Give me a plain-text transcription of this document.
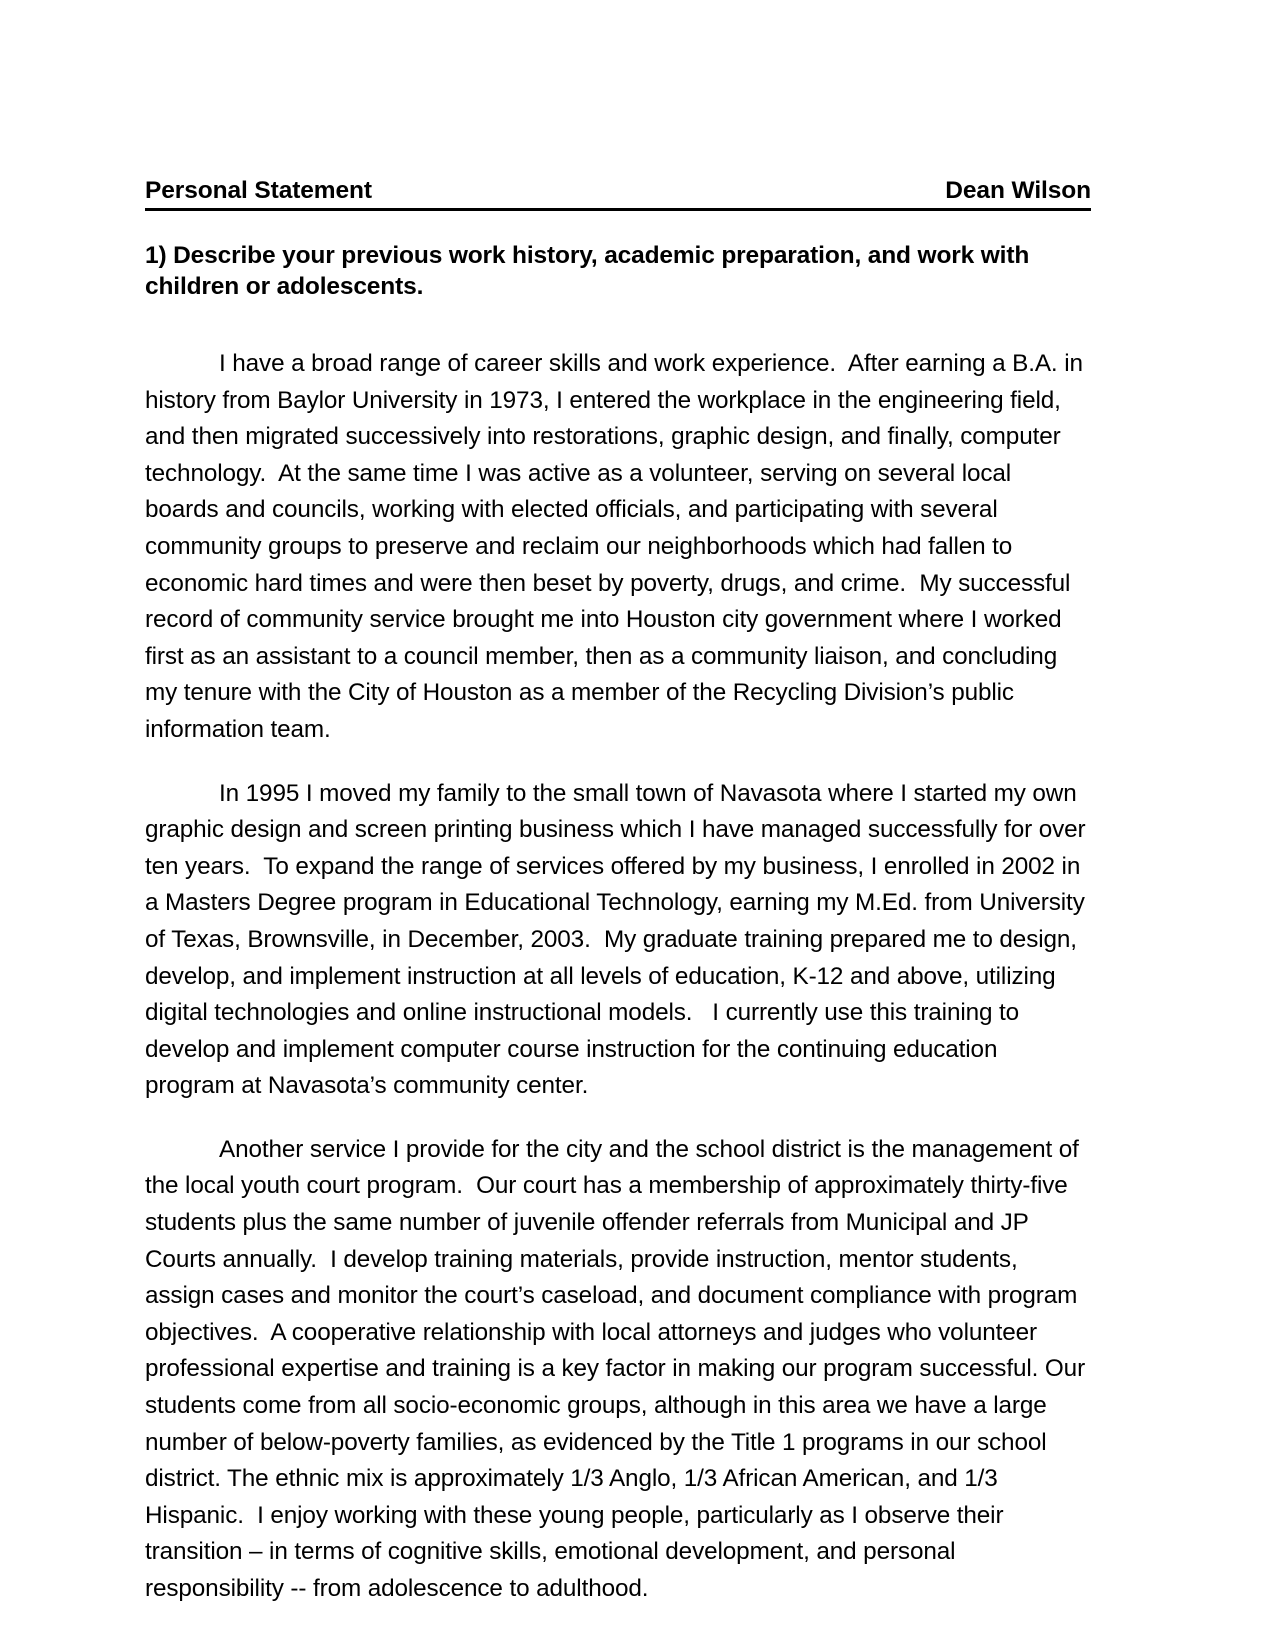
Personal Statement	Dean Wilson
1) Describe your previous work history, academic preparation, and work with children or adolescents.

I have a broad range of career skills and work experience.  After earning a B.A. in history from Baylor University in 1973, I entered the workplace in the engineering field, and then migrated successively into restorations, graphic design, and finally, computer technology.  At the same time I was active as a volunteer, serving on several local boards and councils, working with elected officials, and participating with several community groups to preserve and reclaim our neighborhoods which had fallen to economic hard times and were then beset by poverty, drugs, and crime.  My successful record of community service brought me into Houston city government where I worked first as an assistant to a council member, then as a community liaison, and concluding my tenure with the City of Houston as a member of the Recycling Division’s public information team.

In 1995 I moved my family to the small town of Navasota where I started my own graphic design and screen printing business which I have managed successfully for over ten years.  To expand the range of services offered by my business, I enrolled in 2002 in a Masters Degree program in Educational Technology, earning my M.Ed. from University of Texas, Brownsville, in December, 2003.  My graduate training prepared me to design, develop, and implement instruction at all levels of education, K-12 and above, utilizing digital technologies and online instructional models.   I currently use this training to develop and implement computer course instruction for the continuing education program at Navasota’s community center.

Another service I provide for the city and the school district is the management of the local youth court program.  Our court has a membership of approximately thirty-five students plus the same number of juvenile offender referrals from Municipal and JP Courts annually.  I develop training materials, provide instruction, mentor students, assign cases and monitor the court’s caseload, and document compliance with program objectives.  A cooperative relationship with local attorneys and judges who volunteer professional expertise and training is a key factor in making our program successful. Our students come from all socio-economic groups, although in this area we have a large number of below-poverty families, as evidenced by the Title 1 programs in our school district. The ethnic mix is approximately 1/3 Anglo, 1/3 African American, and 1/3 Hispanic.  I enjoy working with these young people, particularly as I observe their transition – in terms of cognitive skills, emotional development, and personal responsibility -- from adolescence to adulthood.
